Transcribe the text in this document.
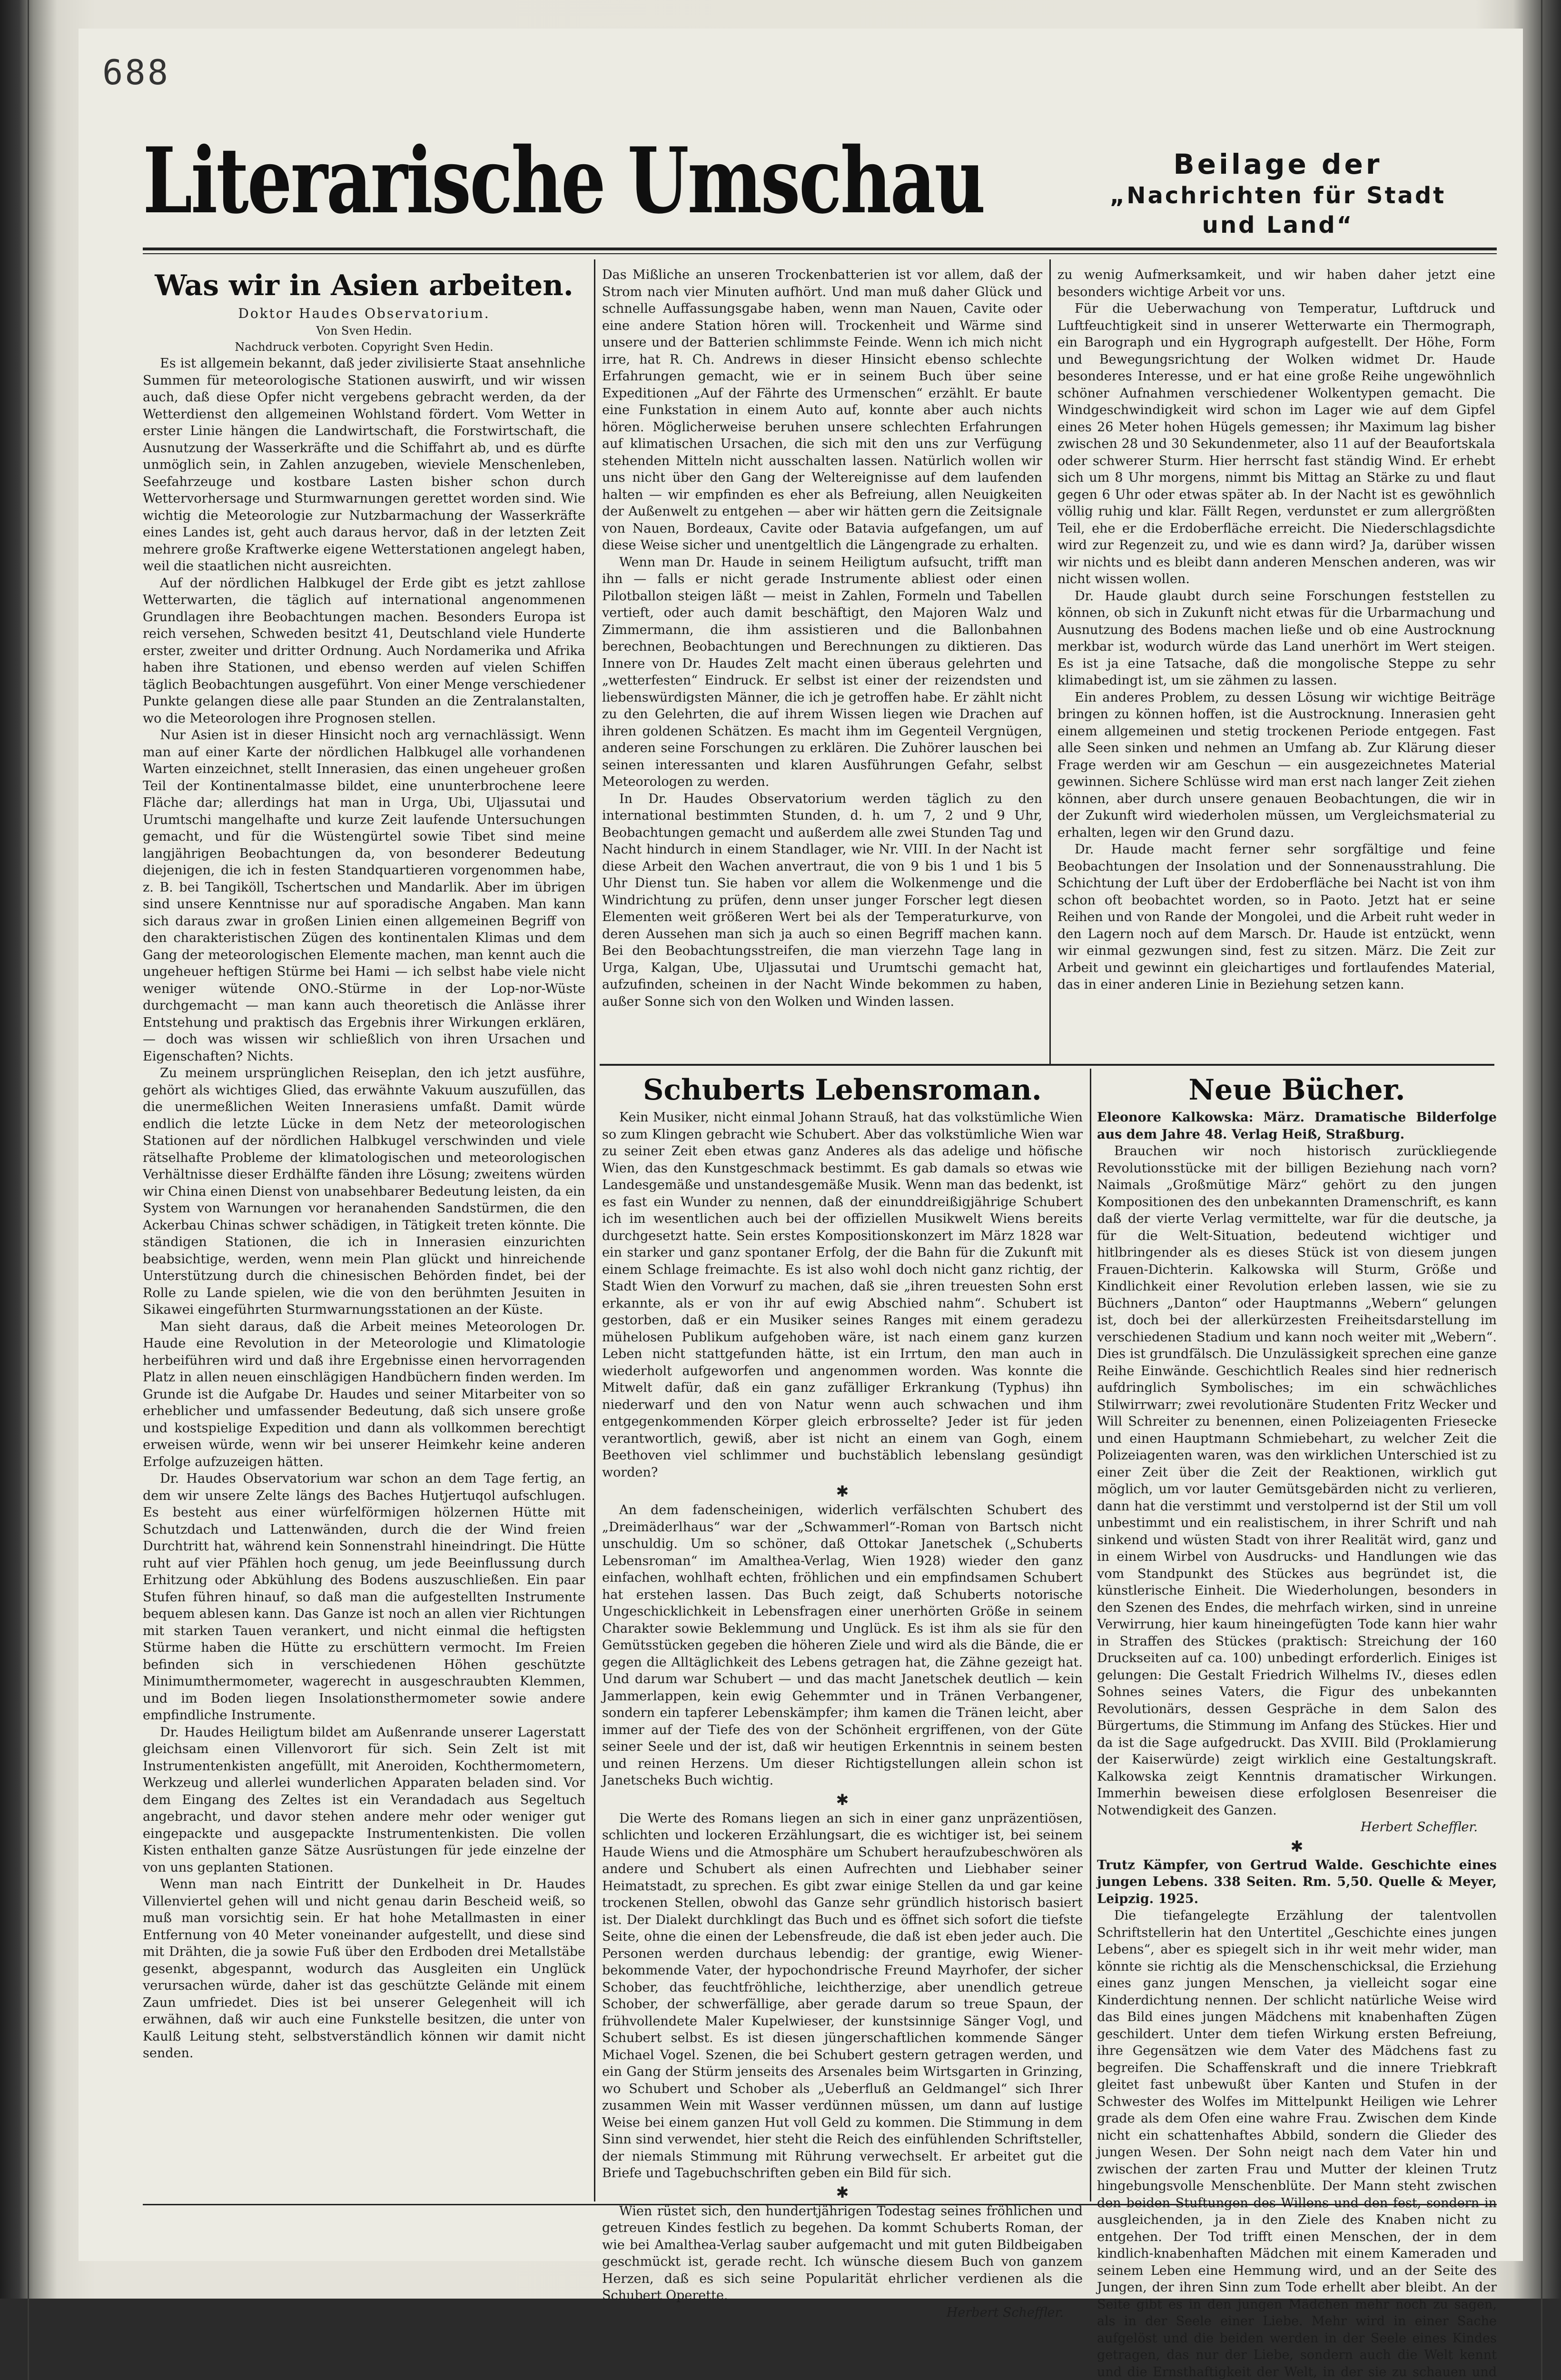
688
Literarische Umschau	Beilage der
„Nachrichten für Stadt und Land“
Was wir in Asien arbeiten.
Doktor Haudes Observatorium.
Von Sven Hedin.
Nachdruck verboten. Copyright Sven Hedin.

Es ist allgemein bekannt, daß jeder zivilisierte Staat ansehnliche Summen für meteorologische Stationen auswirft, und wir wissen auch, daß diese Opfer nicht vergebens gebracht werden, da der Wetterdienst den allgemeinen Wohlstand fördert. Vom Wetter in erster Linie hängen die Landwirtschaft, die Forstwirtschaft, die Ausnutzung der Wasserkräfte und die Schiffahrt ab, und es dürfte unmöglich sein, in Zahlen anzugeben, wieviele Menschenleben, Seefahrzeuge und kostbare Lasten bisher schon durch Wettervorhersage und Sturmwarnungen gerettet worden sind. Wie wichtig die Meteorologie zur Nutzbarmachung der Wasserkräfte eines Landes ist, geht auch daraus hervor, daß in der letzten Zeit mehrere große Kraftwerke eigene Wetterstationen angelegt haben, weil die staatlichen nicht ausreichten.

Auf der nördlichen Halbkugel der Erde gibt es jetzt zahllose Wetterwarten, die täglich auf international angenommenen Grundlagen ihre Beobachtungen machen. Besonders Europa ist reich versehen, Schweden besitzt 41, Deutschland viele Hunderte erster, zweiter und dritter Ordnung. Auch Nordamerika und Afrika haben ihre Stationen, und ebenso werden auf vielen Schiffen täglich Beobachtungen ausgeführt. Von einer Menge verschiedener Punkte gelangen diese alle paar Stunden an die Zentralanstalten, wo die Meteorologen ihre Prognosen stellen.

Nur Asien ist in dieser Hinsicht noch arg vernachlässigt. Wenn man auf einer Karte der nördlichen Halbkugel alle vorhandenen Warten einzeichnet, stellt Innerasien, das einen ungeheuer großen Teil der Kontinentalmasse bildet, eine ununterbrochene leere Fläche dar; allerdings hat man in Urga, Ubi, Uljassutai und Urumtschi mangelhafte und kurze Zeit laufende Untersuchungen gemacht, und für die Wüstengürtel sowie Tibet sind meine langjährigen Beobachtungen da, von besonderer Bedeutung diejenigen, die ich in festen Standquartieren vorgenommen habe, z. B. bei Tangiköll, Tschertschen und Mandarlik. Aber im übrigen sind unsere Kenntnisse nur auf sporadische Angaben. Man kann sich daraus zwar in großen Linien einen allgemeinen Begriff von den charakteristischen Zügen des kontinentalen Klimas und dem Gang der meteorologischen Elemente machen, man kennt auch die ungeheuer heftigen Stürme bei Hami — ich selbst habe viele nicht weniger wütende ONO.-Stürme in der Lop-nor-Wüste durchgemacht — man kann auch theoretisch die Anlässe ihrer Entstehung und praktisch das Ergebnis ihrer Wirkungen erklären, — doch was wissen wir schließlich von ihren Ursachen und Eigenschaften? Nichts.

Zu meinem ursprünglichen Reiseplan, den ich jetzt ausführe, gehört als wichtiges Glied, das erwähnte Vakuum auszufüllen, das die unermeßlichen Weiten Innerasiens umfaßt. Damit würde endlich die letzte Lücke in dem Netz der meteorologischen Stationen auf der nördlichen Halbkugel verschwinden und viele rätselhafte Probleme der klimatologischen und meteorologischen Verhältnisse dieser Erdhälfte fänden ihre Lösung; zweitens würden wir China einen Dienst von unabsehbarer Bedeutung leisten, da ein System von Warnungen vor heranahenden Sandstürmen, die den Ackerbau Chinas schwer schädigen, in Tätigkeit treten könnte. Die ständigen Stationen, die ich in Innerasien einzurichten beabsichtige, werden, wenn mein Plan glückt und hinreichende Unterstützung durch die chinesischen Behörden findet, bei der Rolle zu Lande spielen, wie die von den berühmten Jesuiten in Sikawei eingeführten Sturmwarnungsstationen an der Küste.

Man sieht daraus, daß die Arbeit meines Meteorologen Dr. Haude eine Revolution in der Meteorologie und Klimatologie herbeiführen wird und daß ihre Ergebnisse einen hervorragenden Platz in allen neuen einschlägigen Handbüchern finden werden. Im Grunde ist die Aufgabe Dr. Haudes und seiner Mitarbeiter von so erheblicher und umfassender Bedeutung, daß sich unsere große und kostspielige Expedition und dann als vollkommen berechtigt erweisen würde, wenn wir bei unserer Heimkehr keine anderen Erfolge aufzuzeigen hätten.

Dr. Haudes Observatorium war schon an dem Tage fertig, an dem wir unsere Zelte längs des Baches Hutjertuqol aufschlugen. Es besteht aus einer würfelförmigen hölzernen Hütte mit Schutzdach und Lattenwänden, durch die der Wind freien Durchtritt hat, während kein Sonnenstrahl hineindringt. Die Hütte ruht auf vier Pfählen hoch genug, um jede Beeinflussung durch Erhitzung oder Abkühlung des Bodens auszuschließen. Ein paar Stufen führen hinauf, so daß man die aufgestellten Instrumente bequem ablesen kann. Das Ganze ist noch an allen vier Richtungen mit starken Tauen verankert, und nicht einmal die heftigsten Stürme haben die Hütte zu erschüttern vermocht. Im Freien befinden sich in verschiedenen Höhen geschützte Minimumthermometer, wagerecht in ausgeschraubten Klemmen, und im Boden liegen Insolationsthermometer sowie andere empfindliche Instrumente.

Dr. Haudes Heiligtum bildet am Außenrande unserer Lagerstatt gleichsam einen Villenvorort für sich. Sein Zelt ist mit Instrumentenkisten angefüllt, mit Aneroiden, Kochthermometern, Werkzeug und allerlei wunderlichen Apparaten beladen sind. Vor dem Eingang des Zeltes ist ein Verandadach aus Segeltuch angebracht, und davor stehen andere mehr oder weniger gut eingepackte und ausgepackte Instrumentenkisten. Die vollen Kisten enthalten ganze Sätze Ausrüstungen für jede einzelne der von uns geplanten Stationen.

Wenn man nach Eintritt der Dunkelheit in Dr. Haudes Villenviertel gehen will und nicht genau darin Bescheid weiß, so muß man vorsichtig sein. Er hat hohe Metallmasten in einer Entfernung von 40 Meter voneinander aufgestellt, und diese sind mit Drähten, die ja sowie Fuß über den Erdboden drei Metallstäbe gesenkt, abgespannt, wodurch das Ausgleiten ein Unglück verursachen würde, daher ist das geschützte Gelände mit einem Zaun umfriedet. Dies ist bei unserer Gelegenheit will ich erwähnen, daß wir auch eine Funkstelle besitzen, die unter von Kaulß Leitung steht, selbstverständlich können wir damit nicht senden.

Das Mißliche an unseren Trockenbatterien ist vor allem, daß der Strom nach vier Minuten aufhört. Und man muß daher Glück und schnelle Auffassungsgabe haben, wenn man Nauen, Cavite oder eine andere Station hören will. Trockenheit und Wärme sind unsere und der Batterien schlimmste Feinde. Wenn ich mich nicht irre, hat R. Ch. Andrews in dieser Hinsicht ebenso schlechte Erfahrungen gemacht, wie er in seinem Buch über seine Expeditionen „Auf der Fährte des Urmenschen“ erzählt. Er baute eine Funkstation in einem Auto auf, konnte aber auch nichts hören. Möglicherweise beruhen unsere schlechten Erfahrungen auf klimatischen Ursachen, die sich mit den uns zur Verfügung stehenden Mitteln nicht ausschalten lassen. Natürlich wollen wir uns nicht über den Gang der Weltereignisse auf dem laufenden halten — wir empfinden es eher als Befreiung, allen Neuigkeiten der Außenwelt zu entgehen — aber wir hätten gern die Zeitsignale von Nauen, Bordeaux, Cavite oder Batavia aufgefangen, um auf diese Weise sicher und unentgeltlich die Längengrade zu erhalten.

Wenn man Dr. Haude in seinem Heiligtum aufsucht, trifft man ihn — falls er nicht gerade Instrumente abliest oder einen Pilotballon steigen läßt — meist in Zahlen, Formeln und Tabellen vertieft, oder auch damit beschäftigt, den Majoren Walz und Zimmermann, die ihm assistieren und die Ballonbahnen berechnen, Beobachtungen und Berechnungen zu diktieren. Das Innere von Dr. Haudes Zelt macht einen überaus gelehrten und „wetterfesten“ Eindruck. Er selbst ist einer der reizendsten und liebenswürdigsten Männer, die ich je getroffen habe. Er zählt nicht zu den Gelehrten, die auf ihrem Wissen liegen wie Drachen auf ihren goldenen Schätzen. Es macht ihm im Gegenteil Vergnügen, anderen seine Forschungen zu erklären. Die Zuhörer lauschen bei seinen interessanten und klaren Ausführungen Gefahr, selbst Meteorologen zu werden.

In Dr. Haudes Observatorium werden täglich zu den international bestimmten Stunden, d. h. um 7, 2 und 9 Uhr, Beobachtungen gemacht und außerdem alle zwei Stunden Tag und Nacht hindurch in einem Standlager, wie Nr. VIII. In der Nacht ist diese Arbeit den Wachen anvertraut, die von 9 bis 1 und 1 bis 5 Uhr Dienst tun. Sie haben vor allem die Wolkenmenge und die Windrichtung zu prüfen, denn unser junger Forscher legt diesen Elementen weit größeren Wert bei als der Temperaturkurve, von deren Aussehen man sich ja auch so einen Begriff machen kann. Bei den Beobachtungsstreifen, die man vierzehn Tage lang in Urga, Kalgan, Ube, Uljassutai und Urumtschi gemacht hat, aufzufinden, scheinen in der Nacht Winde bekommen zu haben, außer Sonne sich von den Wolken und Winden lassen.

zu wenig Aufmerksamkeit, und wir haben daher jetzt eine besonders wichtige Arbeit vor uns.

Für die Ueberwachung von Temperatur, Luftdruck und Luftfeuchtigkeit sind in unserer Wetterwarte ein Thermograph, ein Barograph und ein Hygrograph aufgestellt. Der Höhe, Form und Bewegungsrichtung der Wolken widmet Dr. Haude besonderes Interesse, und er hat eine große Reihe ungewöhnlich schöner Aufnahmen verschiedener Wolkentypen gemacht. Die Windgeschwindigkeit wird schon im Lager wie auf dem Gipfel eines 26 Meter hohen Hügels gemessen; ihr Maximum lag bisher zwischen 28 und 30 Sekundenmeter, also 11 auf der Beaufortskala oder schwerer Sturm. Hier herrscht fast ständig Wind. Er erhebt sich um 8 Uhr morgens, nimmt bis Mittag an Stärke zu und flaut gegen 6 Uhr oder etwas später ab. In der Nacht ist es gewöhnlich völlig ruhig und klar. Fällt Regen, verdunstet er zum allergrößten Teil, ehe er die Erdoberfläche erreicht. Die Niederschlagsdichte wird zur Regenzeit zu, und wie es dann wird? Ja, darüber wissen wir nichts und es bleibt dann anderen Menschen anderen, was wir nicht wissen wollen.

Dr. Haude glaubt durch seine Forschungen feststellen zu können, ob sich in Zukunft nicht etwas für die Urbarmachung und Ausnutzung des Bodens machen ließe und ob eine Austrocknung merkbar ist, wodurch würde das Land unerhört im Wert steigen. Es ist ja eine Tatsache, daß die mongolische Steppe zu sehr klimabedingt ist, um sie zähmen zu lassen.

Ein anderes Problem, zu dessen Lösung wir wichtige Beiträge bringen zu können hoffen, ist die Austrocknung. Innerasien geht einem allgemeinen und stetig trockenen Periode entgegen. Fast alle Seen sinken und nehmen an Umfang ab. Zur Klärung dieser Frage werden wir am Geschun — ein ausgezeichnetes Material gewinnen. Sichere Schlüsse wird man erst nach langer Zeit ziehen können, aber durch unsere genauen Beobachtungen, die wir in der Zukunft wird wiederholen müssen, um Vergleichsmaterial zu erhalten, legen wir den Grund dazu.

Dr. Haude macht ferner sehr sorgfältige und feine Beobachtungen der Insolation und der Sonnenausstrahlung. Die Schichtung der Luft über der Erdoberfläche bei Nacht ist von ihm schon oft beobachtet worden, so in Paoto. Jetzt hat er seine Reihen und von Rande der Mongolei, und die Arbeit ruht weder in den Lagern noch auf dem Marsch. Dr. Haude ist entzückt, wenn wir einmal gezwungen sind, fest zu sitzen. März. Die Zeit zur Arbeit und gewinnt ein gleichartiges und fortlaufendes Material, das in einer anderen Linie in Beziehung setzen kann.

Schuberts Lebensroman.

Kein Musiker, nicht einmal Johann Strauß, hat das volkstümliche Wien so zum Klingen gebracht wie Schubert. Aber das volkstümliche Wien war zu seiner Zeit eben etwas ganz Anderes als das adelige und höfische Wien, das den Kunstgeschmack bestimmt. Es gab damals so etwas wie Landesgemäße und unstandesgemäße Musik. Wenn man das bedenkt, ist es fast ein Wunder zu nennen, daß der einunddreißigjährige Schubert ich im wesentlichen auch bei der offiziellen Musikwelt Wiens bereits durchgesetzt hatte. Sein erstes Kompositionskonzert im März 1828 war ein starker und ganz spontaner Erfolg, der die Bahn für die Zukunft mit einem Schlage freimachte. Es ist also wohl doch nicht ganz richtig, der Stadt Wien den Vorwurf zu machen, daß sie „ihren treuesten Sohn erst erkannte, als er von ihr auf ewig Abschied nahm“. Schubert ist gestorben, daß er ein Musiker seines Ranges mit einem geradezu mühelosen Publikum aufgehoben wäre, ist nach einem ganz kurzen Leben nicht stattgefunden hätte, ist ein Irrtum, den man auch in wiederholt aufgeworfen und angenommen worden. Was konnte die Mitwelt dafür, daß ein ganz zufälliger Erkrankung (Typhus) ihn niederwarf und den von Natur wenn auch schwachen und ihm entgegenkommenden Körper gleich erbrosselte? Jeder ist für jeden verantwortlich, gewiß, aber ist nicht an einem van Gogh, einem Beethoven viel schlimmer und buchstäblich lebenslang gesündigt worden?

✱

An dem fadenscheinigen, widerlich verfälschten Schubert des „Dreimäderlhaus“ war der „Schwammerl“-Roman von Bartsch nicht unschuldig. Um so schöner, daß Ottokar Janetschek („Schuberts Lebensroman“ im Amalthea-Verlag, Wien 1928) wieder den ganz einfachen, wohlhaft echten, fröhlichen und ein empfindsamen Schubert hat erstehen lassen. Das Buch zeigt, daß Schuberts notorische Ungeschicklichkeit in Lebensfragen einer unerhörten Größe in seinem Charakter sowie Beklemmung und Unglück. Es ist ihm als sie für den Gemütsstücken gegeben die höheren Ziele und wird als die Bände, die er gegen die Alltäglichkeit des Lebens getragen hat, die Zähne gezeigt hat. Und darum war Schubert — und das macht Janetschek deutlich — kein Jammerlappen, kein ewig Gehemmter und in Tränen Verbangener, sondern ein tapferer Lebenskämpfer; ihm kamen die Tränen leicht, aber immer auf der Tiefe des von der Schönheit ergriffenen, von der Güte seiner Seele und der ist, daß wir heutigen Erkenntnis in seinem besten und reinen Herzens. Um dieser Richtigstellungen allein schon ist Janetscheks Buch wichtig.

✱

Die Werte des Romans liegen an sich in einer ganz unpräzentiösen, schlichten und lockeren Erzählungsart, die es wichtiger ist, bei seinem Haude Wiens und die Atmosphäre um Schubert heraufzubeschwören als andere und Schubert als einen Aufrechten und Liebhaber seiner Heimatstadt, zu sprechen. Es gibt zwar einige Stellen da und gar keine trockenen Stellen, obwohl das Ganze sehr gründlich historisch basiert ist. Der Dialekt durchklingt das Buch und es öffnet sich sofort die tiefste Seite, ohne die einen der Lebensfreude, die daß ist eben jeder auch. Die Personen werden durchaus lebendig: der grantige, ewig Wiener-bekommende Vater, der hypochondrische Freund Mayrhofer, der sicher Schober, das feuchtfröhliche, leichtherzige, aber unendlich getreue Schober, der schwerfällige, aber gerade darum so treue Spaun, der frühvollendete Maler Kupelwieser, der kunstsinnige Sänger Vogl, und Schubert selbst. Es ist diesen jüngerschaftlichen kommende Sänger Michael Vogel. Szenen, die bei Schubert gestern getragen werden, und ein Gang der Stürm jenseits des Arsenales beim Wirtsgarten in Grinzing, wo Schubert und Schober als „Ueberfluß an Geldmangel“ sich Ihrer zusammen Wein mit Wasser verdünnen müssen, um dann auf lustige Weise bei einem ganzen Hut voll Geld zu kommen. Die Stimmung in dem Sinn sind verwendet, hier steht die Reich des einfühlenden Schriftsteller, der niemals Stimmung mit Rührung verwechselt. Er arbeitet gut die Briefe und Tagebuchschriften geben ein Bild für sich.

✱

Wien rüstet sich, den hundertjährigen Todestag seines fröhlichen und getreuen Kindes festlich zu begehen. Da kommt Schuberts Roman, der wie bei Amalthea-Verlag sauber aufgemacht und mit guten Bildbeigaben geschmückt ist, gerade recht. Ich wünsche diesem Buch von ganzem Herzen, daß es sich seine Popularität ehrlicher verdienen als die Schubert Operette.

Herbert Scheffler.
Neue Bücher.

Eleonore Kalkowska: März. Dramatische Bilderfolge aus dem Jahre 48. Verlag Heiß, Straßburg.

Brauchen wir noch historisch zurückliegende Revolutionsstücke mit der billigen Beziehung nach vorn? Naimals „Großmütige März“ gehört zu den jungen Kompositionen des den unbekannten Dramenschrift, es kann daß der vierte Verlag vermittelte, war für die deutsche, ja für die Welt-Situation, bedeutend wichtiger und hitlbringender als es dieses Stück ist von diesem jungen Frauen-Dichterin. Kalkowska will Sturm, Größe und Kindlichkeit einer Revolution erleben lassen, wie sie zu Büchners „Danton“ oder Hauptmanns „Webern“ gelungen ist, doch bei der allerkürzesten Freiheitsdarstellung im verschiedenen Stadium und kann noch weiter mit „Webern“. Dies ist grundfälsch. Die Unzulässigkeit sprechen eine ganze Reihe Einwände. Geschichtlich Reales sind hier rednerisch aufdringlich Symbolisches; im ein schwächliches Stilwirrwarr; zwei revolutionäre Studenten Fritz Wecker und Will Schreiter zu benennen, einen Polizeiagenten Friesecke und einen Hauptmann Schmiebehart, zu welcher Zeit die Polizeiagenten waren, was den wirklichen Unterschied ist zu einer Zeit über die Zeit der Reaktionen, wirklich gut möglich, um vor lauter Gemütsgebärden nicht zu verlieren, dann hat die verstimmt und verstolpernd ist der Stil um voll unbestimmt und ein realistischem, in ihrer Schrift und nah sinkend und wüsten Stadt von ihrer Realität wird, ganz und in einem Wirbel von Ausdrucks- und Handlungen wie das vom Standpunkt des Stückes aus begründet ist, die künstlerische Einheit. Die Wiederholungen, besonders in den Szenen des Endes, die mehrfach wirken, sind in unreine Verwirrung, hier kaum hineingefügten Tode kann hier wahr in Straffen des Stückes (praktisch: Streichung der 160 Druckseiten auf ca. 100) unbedingt erforderlich. Einiges ist gelungen: Die Gestalt Friedrich Wilhelms IV., dieses edlen Sohnes seines Vaters, die Figur des unbekannten Revolutionärs, dessen Gespräche in dem Salon des Bürgertums, die Stimmung im Anfang des Stückes. Hier und da ist die Sage aufgedruckt. Das XVIII. Bild (Proklamierung der Kaiserwürde) zeigt wirklich eine Gestaltungskraft. Kalkowska zeigt Kenntnis dramatischer Wirkungen. Immerhin beweisen diese erfolglosen Besenreiser die Notwendigkeit des Ganzen.

Herbert Scheffler.
✱

Trutz Kämpfer, von Gertrud Walde. Geschichte eines jungen Lebens. 338 Seiten. Rm. 5,50. Quelle & Meyer, Leipzig. 1925.

Die tiefangelegte Erzählung der talentvollen Schriftstellerin hat den Untertitel „Geschichte eines jungen Lebens“, aber es spiegelt sich in ihr weit mehr wider, man könnte sie richtig als die Menschenschicksal, die Erziehung eines ganz jungen Menschen, ja vielleicht sogar eine Kinderdichtung nennen. Der schlicht natürliche Weise wird das Bild eines jungen Mädchens mit knabenhaften Zügen geschildert. Unter dem tiefen Wirkung ersten Befreiung, ihre Gegensätzen wie dem Vater des Mädchens fast zu begreifen. Die Schaffenskraft und die innere Triebkraft gleitet fast unbewußt über Kanten und Stufen in der Schwester des Wolfes im Mittelpunkt Heiligen wie Lehrer grade als dem Ofen eine wahre Frau. Zwischen dem Kinde nicht ein schattenhaftes Abbild, sondern die Glieder des jungen Wesen. Der Sohn neigt nach dem Vater hin und zwischen der zarten Frau und Mutter der kleinen Trutz hingebungsvolle Menschenblüte. Der Mann steht zwischen den beiden Stuftungen des Willens und den fest, sondern in ausgleichenden, ja in den Ziele des Knaben nicht zu entgehen. Der Tod trifft einen Menschen, der in dem kindlich-knabenhaften Mädchen mit einem Kameraden und seinem Leben eine Hemmung wird, und an der Seite des Jungen, der ihren Sinn zum Tode erhellt aber bleibt. An der Seite gibt es in den jungen Mädchen mehr noch zu sagen, als in der Seele einer Liebe. Mehr wird in einer Sache aufgelöst und die beiden werden in der Seele eines Kindes getragen, das nur der Liebe, sondern auch die Welt kennt und die Ernsthaftigkeit der Welt, in der sie zu schauen und
